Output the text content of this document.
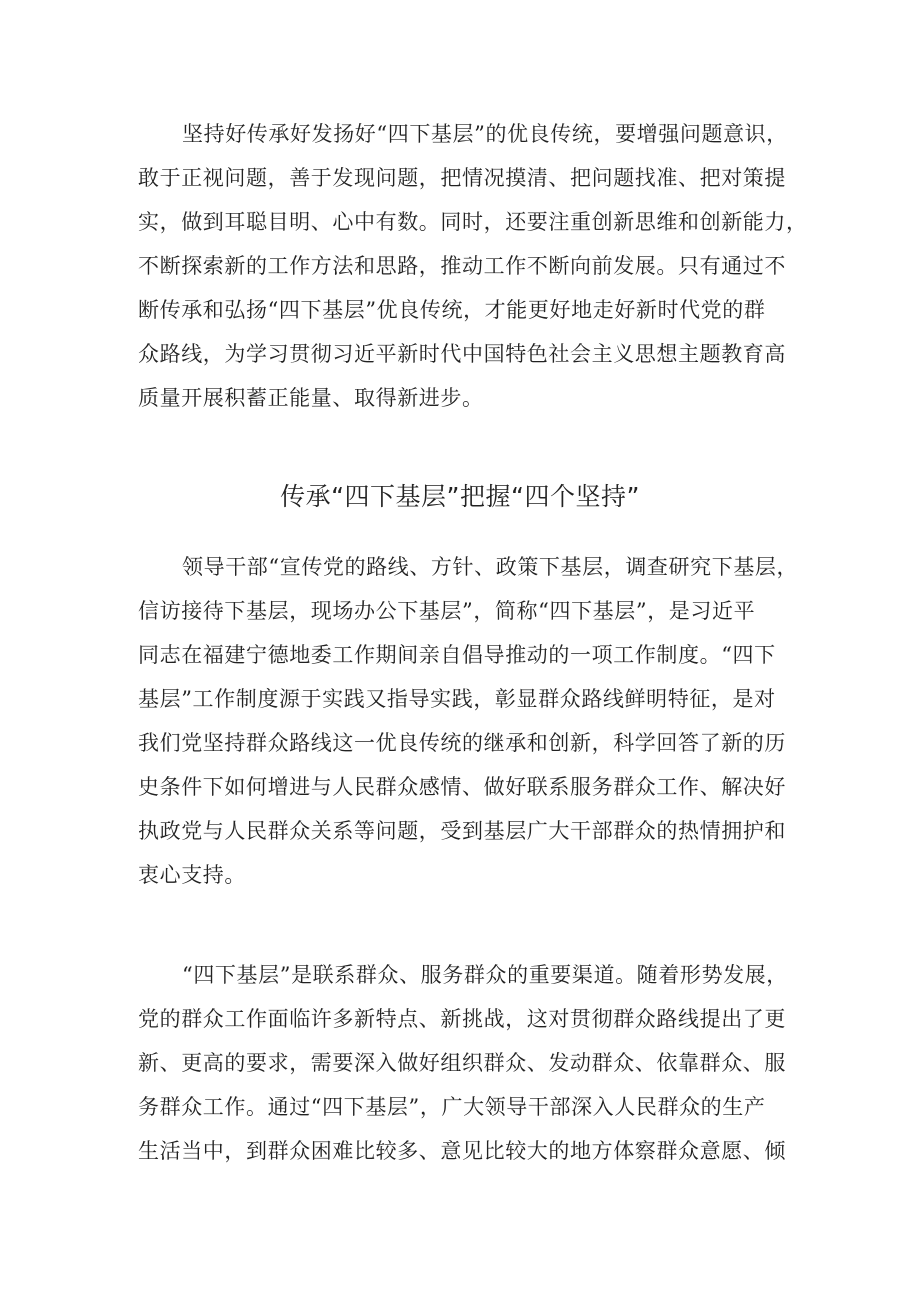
坚持好传承好发扬好“四下基层”的优良传统，要增强问题意识，
敢于正视问题，善于发现问题，把情况摸清、把问题找准、把对策提
实，做到耳聪目明、心中有数。同时，还要注重创新思维和创新能力，
不断探索新的工作方法和思路，推动工作不断向前发展。只有通过不
断传承和弘扬“四下基层”优良传统，才能更好地走好新时代党的群
众路线，为学习贯彻习近平新时代中国特色社会主义思想主题教育高
质量开展积蓄正能量、取得新进步。
传承“四下基层”把握“四个坚持”
领导干部“宣传党的路线、方针、政策下基层，调查研究下基层，
信访接待下基层，现场办公下基层”，简称“四下基层”，是习近平
同志在福建宁德地委工作期间亲自倡导推动的一项工作制度。“四下
基层”工作制度源于实践又指导实践，彰显群众路线鲜明特征，是对
我们党坚持群众路线这一优良传统的继承和创新，科学回答了新的历
史条件下如何增进与人民群众感情、做好联系服务群众工作、解决好
执政党与人民群众关系等问题，受到基层广大干部群众的热情拥护和
衷心支持。
“四下基层”是联系群众、服务群众的重要渠道。随着形势发展，
党的群众工作面临许多新特点、新挑战，这对贯彻群众路线提出了更
新、更高的要求，需要深入做好组织群众、发动群众、依靠群众、服
务群众工作。通过“四下基层”，广大领导干部深入人民群众的生产
生活当中，到群众困难比较多、意见比较大的地方体察群众意愿、倾
